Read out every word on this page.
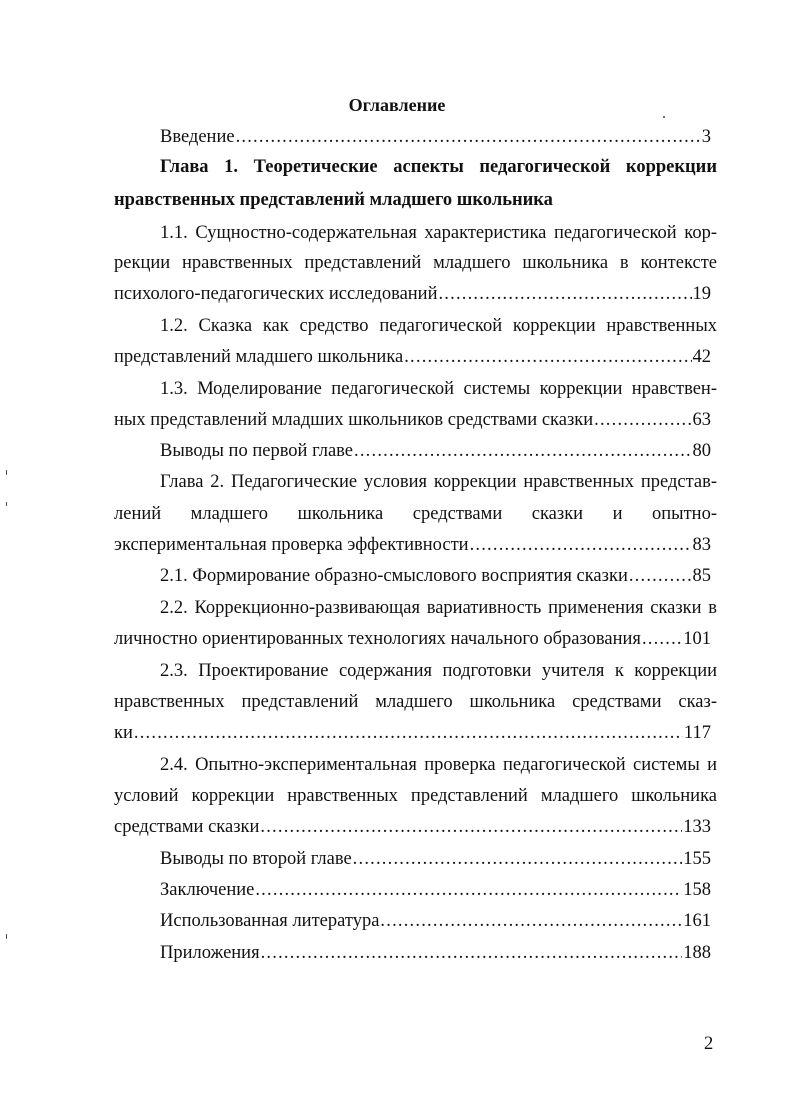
Оглавление
Введение .....	3
Глава 1. Теоретические аспекты педагогической коррекции
нравственных представлений младшего школьника
1.1. Сущностно-содержательная характеристика педагогической кор-
рекции нравственных представлений младшего школьника в контексте
психолого-педагогических исследований .....	19
1.2. Сказка как средство педагогической коррекции нравственных
представлений младшего школьника .....	42
1.3. Моделирование педагогической системы коррекции нравствен-
ных представлений младших школьников средствами сказки .....	63
Выводы по первой главе .....	80
Глава 2. Педагогические условия коррекции нравственных представ-
лений младшего школьника средствами сказки и опытно-
экспериментальная проверка эффективности .....	83
2.1. Формирование образно-смыслового восприятия сказки .....	85
2.2. Коррекционно-развивающая вариативность применения сказки в
личностно ориентированных технологиях начального образования ..... 101
2.3. Проектирование содержания подготовки учителя к коррекции
нравственных представлений младшего школьника средствами сказ-
ки .....	117
2.4. Опытно-экспериментальная проверка педагогической системы и
условий коррекции нравственных представлений младшего школьника
средствами сказки .....	133
Выводы по второй главе .....	155
Заключение .....	158
Использованная литература .....	161
Приложения .....	188
2
